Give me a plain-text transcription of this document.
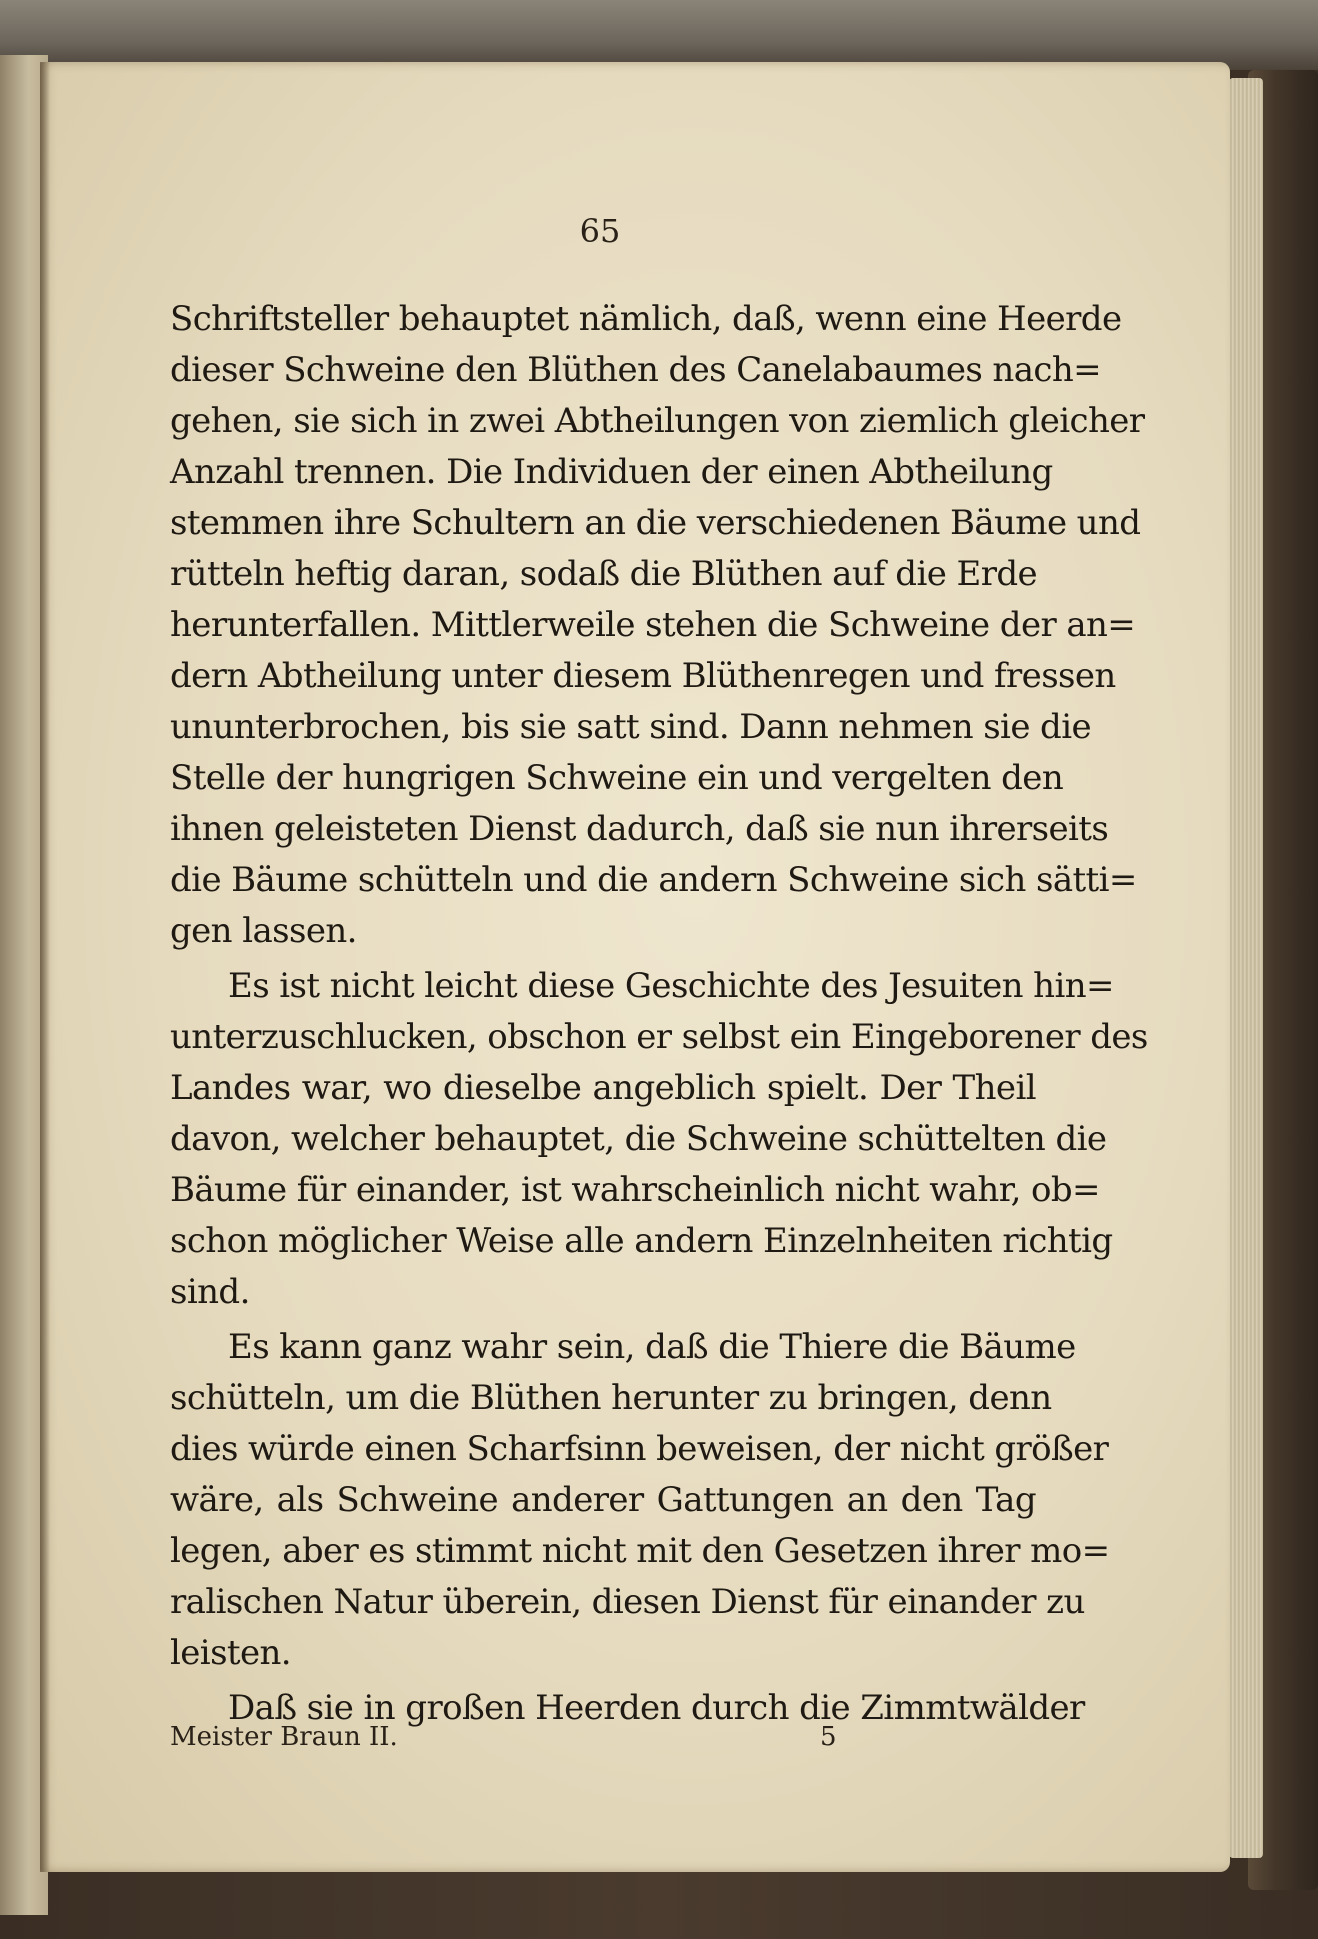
65
Schriftsteller behauptet nämlich, daß, wenn eine Heerde
dieser Schweine den Blüthen des Canelabaumes nach=
gehen, sie sich in zwei Abtheilungen von ziemlich gleicher
Anzahl trennen. Die Individuen der einen Abtheilung
stemmen ihre Schultern an die verschiedenen Bäume und
rütteln heftig daran, sodaß die Blüthen auf die Erde
herunterfallen. Mittlerweile stehen die Schweine der an=
dern Abtheilung unter diesem Blüthenregen und fressen
ununterbrochen, bis sie satt sind. Dann nehmen sie die
Stelle der hungrigen Schweine ein und vergelten den
ihnen geleisteten Dienst dadurch, daß sie nun ihrerseits
die Bäume schütteln und die andern Schweine sich sätti=
gen lassen.
Es ist nicht leicht diese Geschichte des Jesuiten hin=
unterzuschlucken, obschon er selbst ein Eingeborener des
Landes war, wo dieselbe angeblich spielt. Der Theil
davon, welcher behauptet, die Schweine schüttelten die
Bäume für einander, ist wahrscheinlich nicht wahr, ob=
schon möglicher Weise alle andern Einzelnheiten richtig
sind.
Es kann ganz wahr sein, daß die Thiere die Bäume
schütteln, um die Blüthen herunter zu bringen, denn
dies würde einen Scharfsinn beweisen, der nicht größer
wäre, als Schweine anderer Gattungen an den Tag
legen, aber es stimmt nicht mit den Gesetzen ihrer mo=
ralischen Natur überein, diesen Dienst für einander zu
leisten.
Daß sie in großen Heerden durch die Zimmtwälder
Meister Braun II.	5
